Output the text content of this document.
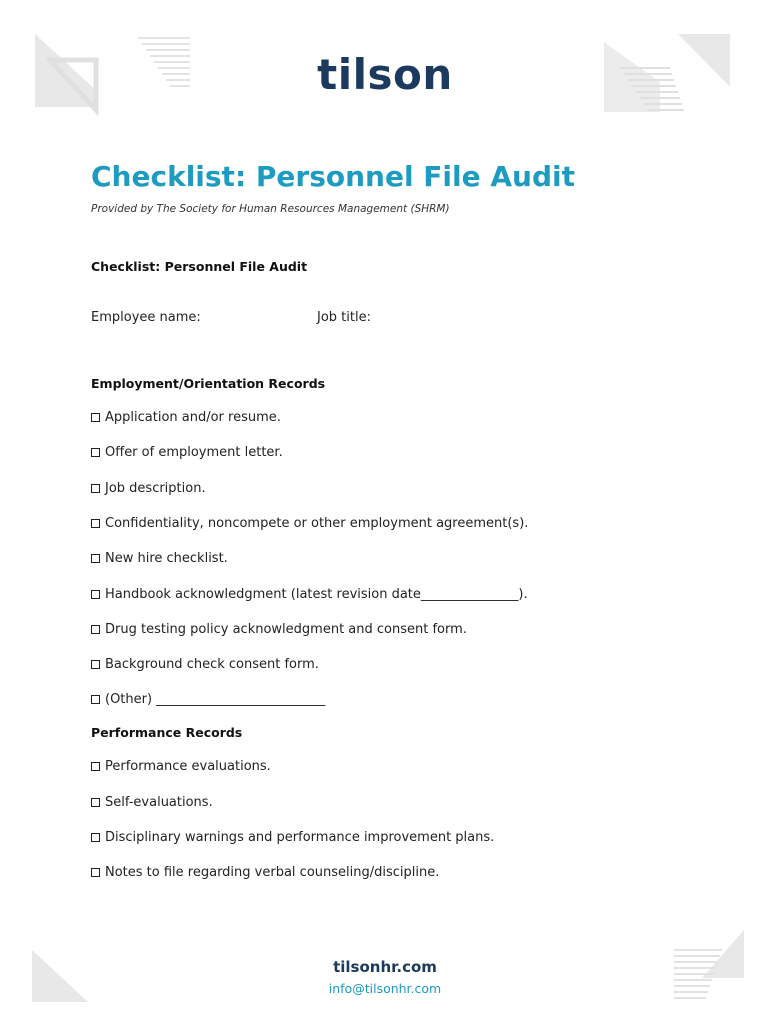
tilson
Checklist: Personnel File Audit
Provided by The Society for Human Resources Management (SHRM)
Checklist: Personnel File Audit
Employee name:	Job title:
Employment/Orientation Records
Application and/or resume.
Offer of employment letter.
Job description.
Confidentiality, noncompete or other employment agreement(s).
New hire checklist.
Handbook acknowledgment (latest revision date_______________).
Drug testing policy acknowledgment and consent form.
Background check consent form.
(Other) __________________________
Performance Records
Performance evaluations.
Self-evaluations.
Disciplinary warnings and performance improvement plans.
Notes to file regarding verbal counseling/discipline.
tilsonhr.com
info@tilsonhr.com
